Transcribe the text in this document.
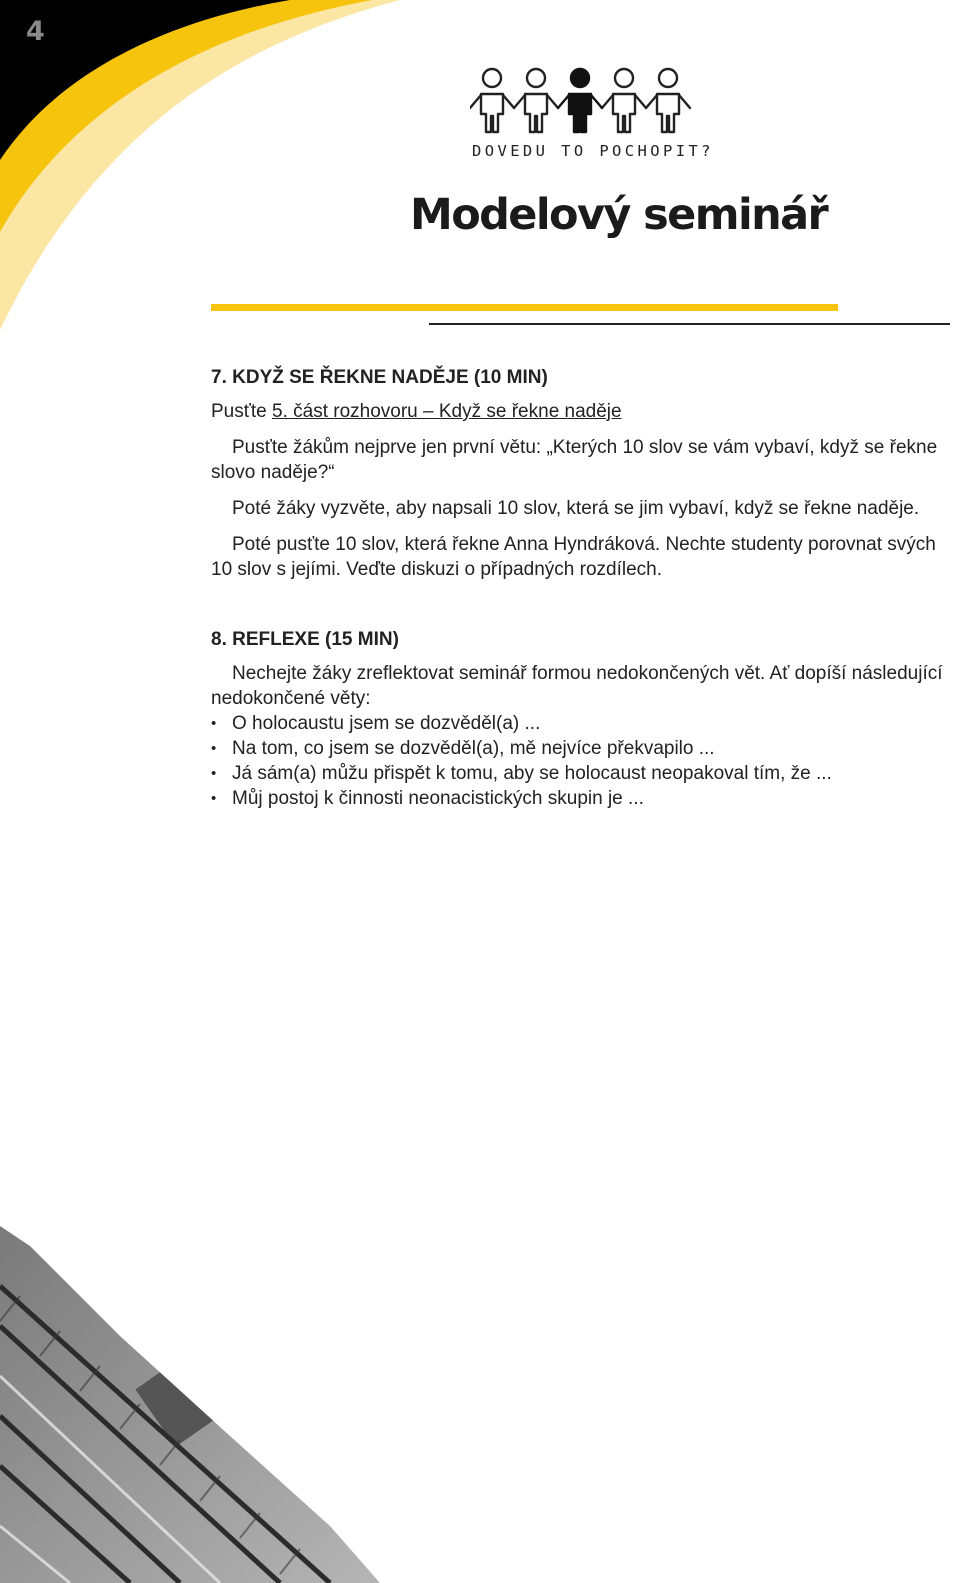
4
DOVEDU TO POCHOPIT?
Modelový seminář
7. KDYŽ SE ŘEKNE NADĚJE (10 MIN)

Pusťte 5. část rozhovoru – Když se řekne naděje

Pusťte žákům nejprve jen první větu: „Kterých 10 slov se vám vybaví, když se řekne slovo naděje?“

Poté žáky vyzvěte, aby napsali 10 slov, která se jim vybaví, když se řekne naděje.

Poté pusťte 10 slov, která řekne Anna Hyndráková. Nechte studenty porovnat svých 10 slov s jejími. Veďte diskuzi o případných rozdílech.

8. REFLEXE (15 MIN)

Nechejte žáky zreflektovat seminář formou nedokončených vět. Ať dopíší následující nedokončené věty:

• O holocaustu jsem se dozvěděl(a) ...
• Na tom, co jsem se dozvěděl(a), mě nejvíce překvapilo ...
• Já sám(a) můžu přispět k tomu, aby se holocaust neopakoval tím, že ...
• Můj postoj k činnosti neonacistických skupin je ...
